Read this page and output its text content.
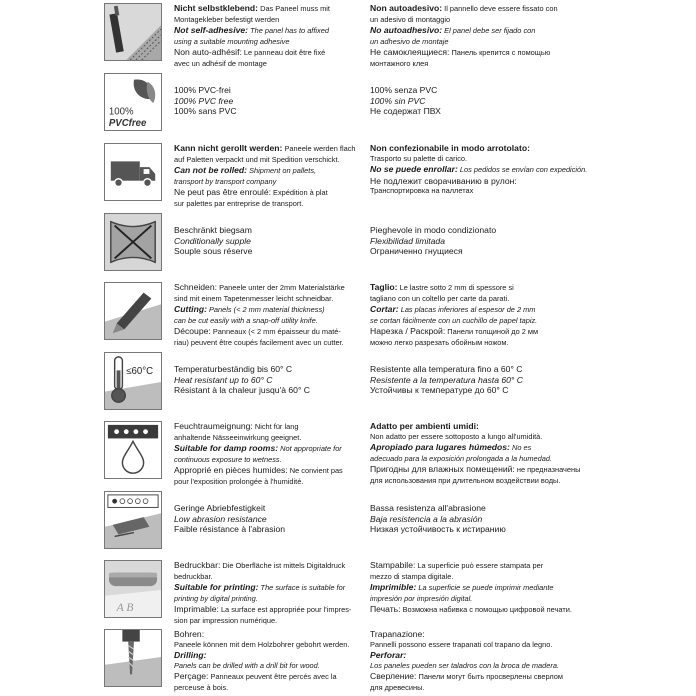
Nicht selbstklebend: Das Paneel muss mit

Montagekleber befestigt werden

Not self-adhesive: The panel has to affixed

using a suitable mounting adhesive

Non auto-adhésif: Le panneau doit être fixé

avec un adhésif de montage

Non autoadesivo: Il pannello deve essere fissato con

un adesivo di montaggio

No autoadhesivo: El panel debe ser fijado con

un adhesivo de montaje

Не самоклеящиеся: Панель крепится с помощью

монтажного клея

100%
PVCfree

100% PVC-frei

100% PVC free

100% sans PVC

100% senza PVC

100% sin PVC

Не содержат ПВХ

Kann nicht gerollt werden: Paneele werden flach

auf Paletten verpackt und mit Spedition verschickt.

Can not be rolled: Shipment on pallets,

transport by transport company

Ne peut pas être enroulé: Expédition à plat

sur palettes par entreprise de transport.

Non confezionabile in modo arrotolato:

Trasporto su palette di carico.

No se puede enrollar: Los pedidos se envían con expedición.

Не подлежит сворачиванию в рулон:

Транспортировка на паллетах

Beschränkt biegsam

Conditionally supple

Souple sous réserve

Pieghevole in modo condizionato

Flexibilidad limitada

Ограниченно гнущиеся

Schneiden: Paneele unter der 2mm Materialstärke

sind mit einem Tapetenmesser leicht schneidbar.

Cutting: Panels (< 2 mm material thickness)

can be cut easily with a snap-off utility knife.

Découpe: Panneaux (< 2 mm épaisseur du maté-

riau) peuvent être coupés facilement avec un cutter.

Taglio: Le lastre sotto 2 mm di spessore si

tagliano con un coltello per carte da parati.

Cortar: Las placas inferiores al espesor de 2 mm

se cortan fácilmente con un cuchillo de papel tapiz.

Нарезка / Раскрой: Панели толщиной до 2 мм

можно легко разрезать обойным ножом.

≤60°C Temperaturbeständig bis 60° C

Heat resistant up to 60° C

Résistant à la chaleur jusqu'à 60° C

Resistente alla temperatura fino a 60° C

Resistente a la temperatura hasta 60° C

Устойчивы к температуре до 60° C

Feuchtraumeignung: Nicht für lang

anhaltende Nässeeinwirkung geeignet.

Suitable for damp rooms: Not appropriate for

continuous exposure to wetness.

Approprié en pièces humides: Ne convient pas

pour l'exposition prolongée à l'humidité.

Adatto per ambienti umidi:

Non adatto per essere sottoposto a lungo all'umidità.

Apropiado para lugares húmedos: No es

adecuado para la exposición prolongada a la humedad.

Пригодны для влажных помещений: не предназначены

для использования при длительном воздействии воды.

Geringe Abriebfestigkeit

Low abrasion resistance

Faible résistance à l'abrasion

Bassa resistenza all'abrasione

Baja resistencia a la abrasión

Низкая устойчивость к истиранию

A B

Bedruckbar: Die Oberfläche ist mittels Digitaldruck

bedruckbar.

Suitable for printing: The surface is suitable for

printing by digital printing.

Imprimable: La surface est appropriée pour l'impres-

sion par impression numérique.

Stampabile: La superficie può essere stampata per

mezzo di stampa digitale.

Imprimible: La superficie se puede imprimir mediante

impresión por impresión digital.

Печать: Возможна набивка с помощью цифровой печати.

Bohren:

Paneele können mit dem Holzbohrer gebohrt werden.

Drilling:

Panels can be drilled with a drill bit for wood.

Perçage: Panneaux peuvent être percés avec la

perceuse à bois.

Trapanazione:

Pannelli possono essere trapanati col trapano da legno.

Perforar:

Los paneles pueden ser taladros con la broca de madera.

Сверление: Панели могут быть просверлены сверлом

для древесины.
